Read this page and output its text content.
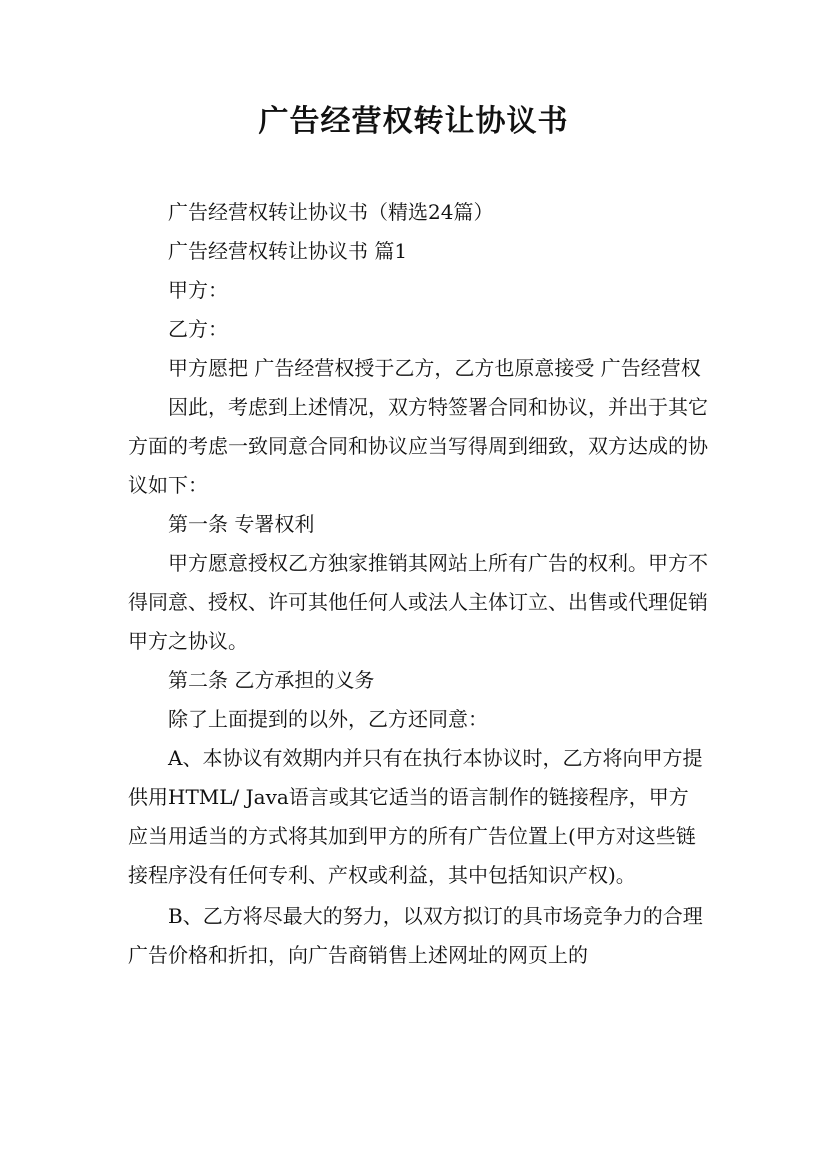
广告经营权转让协议书

广告经营权转让协议书（精选24篇）

广告经营权转让协议书 篇1

甲方：

乙方：

甲方愿把 广告经营权授于乙方，乙方也原意接受 广告经营权

因此，考虑到上述情况，双方特签署合同和协议，并出于其它方面的考虑一致同意合同和协议应当写得周到细致，双方达成的协议如下：

第一条 专署权利

甲方愿意授权乙方独家推销其网站上所有广告的权利。甲方不得同意、授权、许可其他任何人或法人主体订立、出售或代理促销甲方之协议。

第二条 乙方承担的义务

除了上面提到的以外，乙方还同意：

A、本协议有效期内并只有在执行本协议时，乙方将向甲方提供用HTML/ Java语言或其它适当的语言制作的链接程序，甲方应当用适当的方式将其加到甲方的所有广告位置上(甲方对这些链接程序没有任何专利、产权或利益，其中包括知识产权)。

B、乙方将尽最大的努力，以双方拟订的具市场竞争力的合理广告价格和折扣，向广告商销售上述网址的网页上的
